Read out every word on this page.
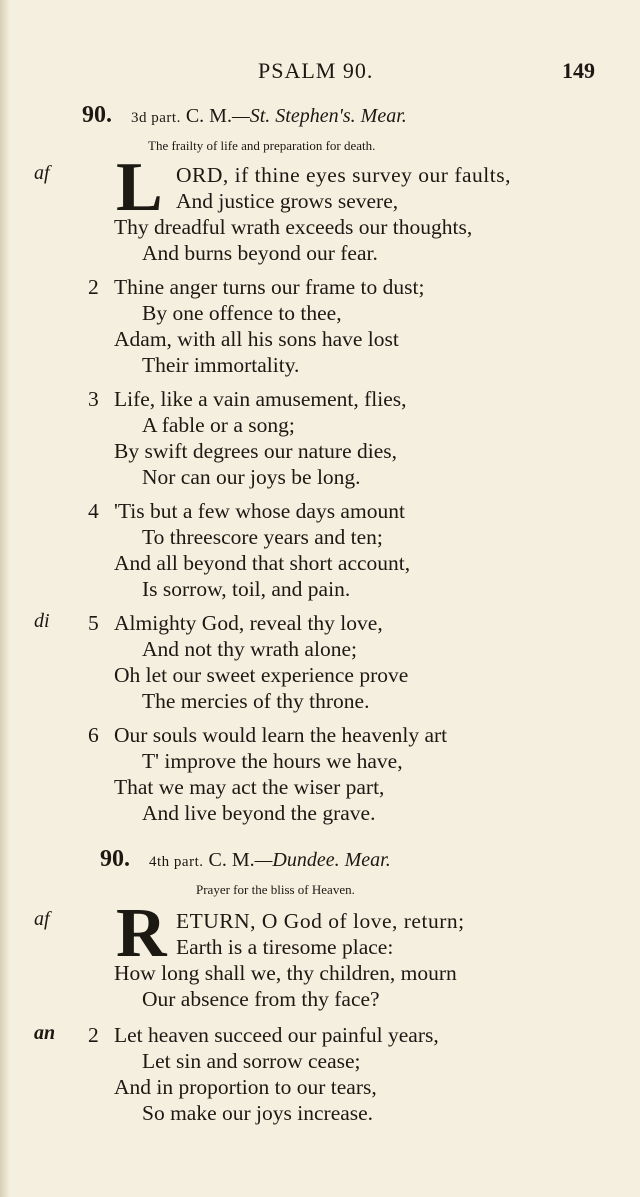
PSALM 90.	149
90. 3d part. C. M.—St. Stephen's. Mear.
The frailty of life and preparation for death.
af L ORD, if thine eyes survey our faults,
And justice grows severe,
Thy dreadful wrath exceeds our thoughts,
And burns beyond our fear.
2 Thine anger turns our frame to dust;
By one offence to thee,
Adam, with all his sons have lost
Their immortality.
3 Life, like a vain amusement, flies,
A fable or a song;
By swift degrees our nature dies,
Nor can our joys be long.
4 'Tis but a few whose days amount
To threescore years and ten;
And all beyond that short account,
Is sorrow, toil, and pain.
di 5 Almighty God, reveal thy love,
And not thy wrath alone;
Oh let our sweet experience prove
The mercies of thy throne.
6 Our souls would learn the heavenly art
T' improve the hours we have,
That we may act the wiser part,
And live beyond the grave.
90. 4th part. C. M.—Dundee. Mear.
Prayer for the bliss of Heaven.
af R ETURN, O God of love, return;
Earth is a tiresome place:
How long shall we, thy children, mourn
Our absence from thy face?
an 2 Let heaven succeed our painful years,
Let sin and sorrow cease;
And in proportion to our tears,
So make our joys increase.
